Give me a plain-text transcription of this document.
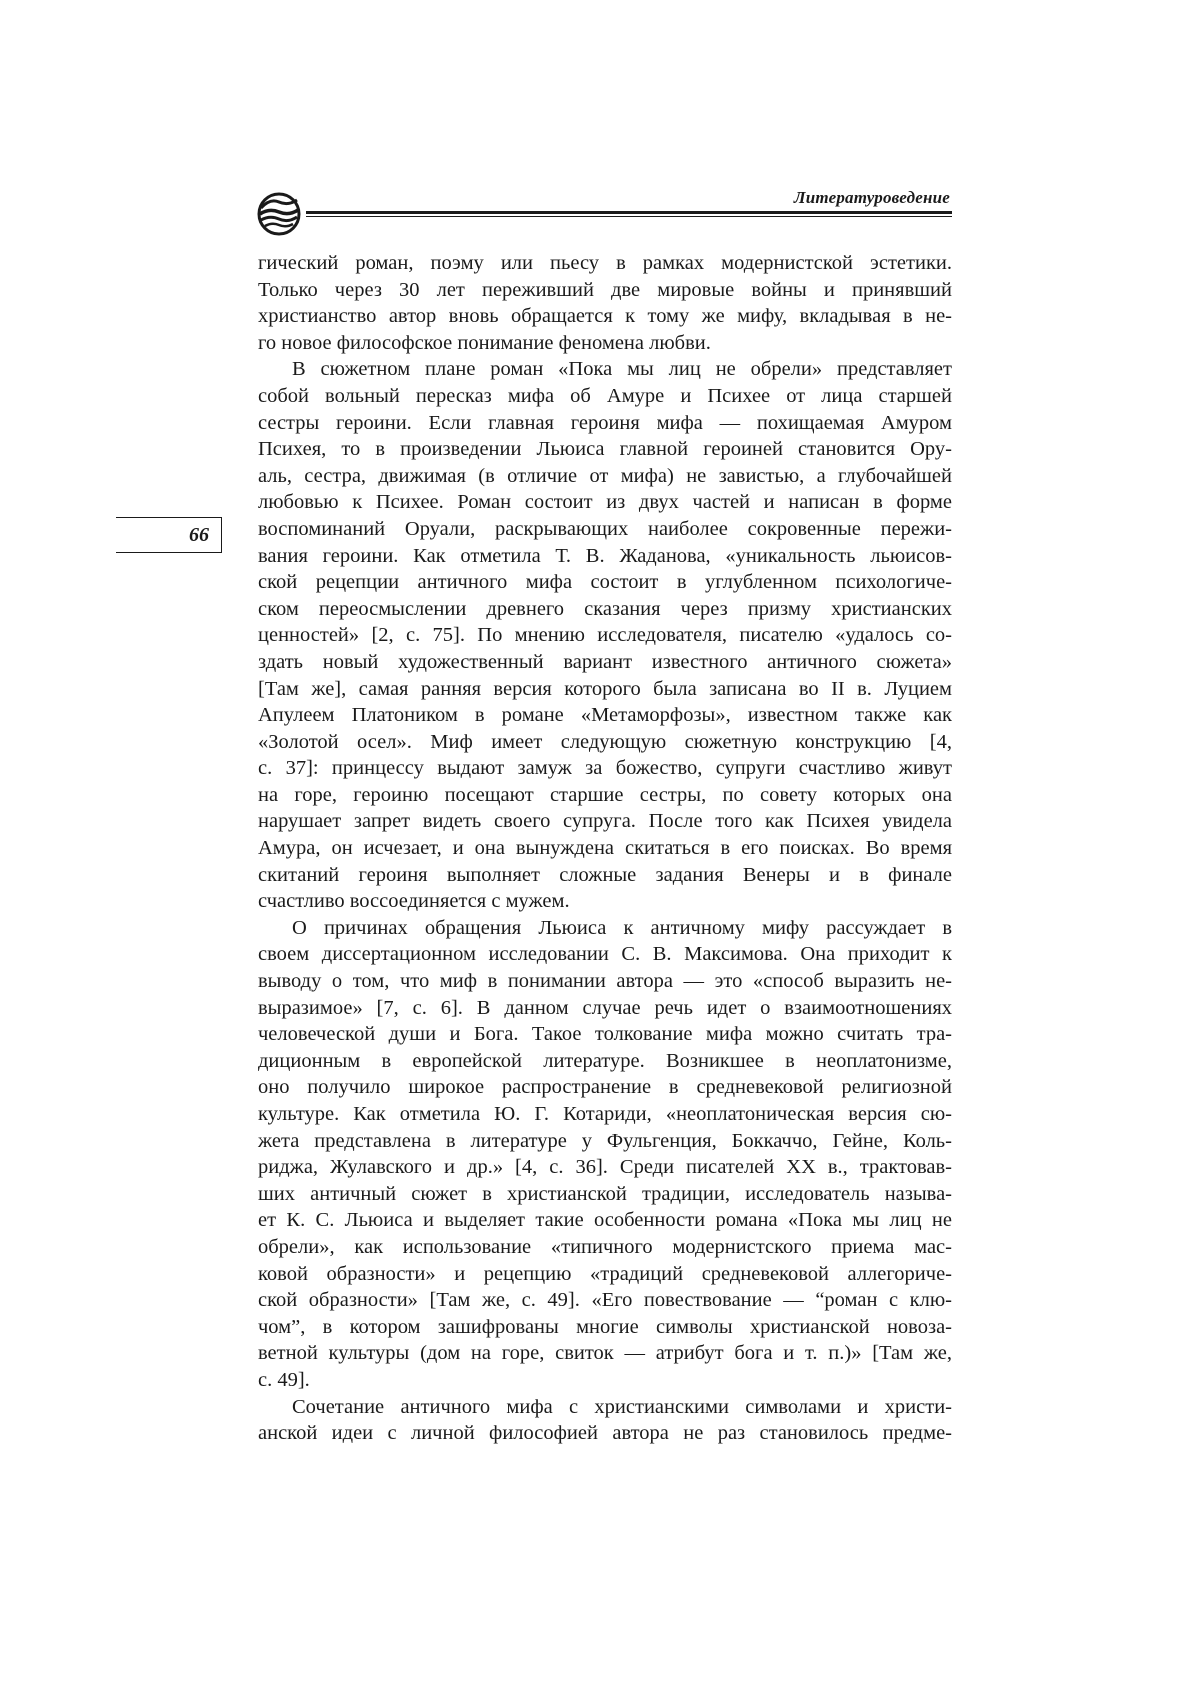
Литературоведение
66
гический роман, поэму или пьесу в рамках модернистской эстетики.
Только через 30 лет переживший две мировые войны и принявший
христианство автор вновь обращается к тому же мифу, вкладывая в не-
го новое философское понимание феномена любви.
В сюжетном плане роман «Пока мы лиц не обрели» представляет
собой вольный пересказ мифа об Амуре и Психее от лица старшей
сестры героини. Если главная героиня мифа — похищаемая Амуром
Психея, то в произведении Льюиса главной героиней становится Ору-
аль, сестра, движимая (в отличие от мифа) не завистью, а глубочайшей
любовью к Психее. Роман состоит из двух частей и написан в форме
воспоминаний Оруали, раскрывающих наиболее сокровенные пережи-
вания героини. Как отметила Т. В. Жаданова, «уникальность льюисов-
ской рецепции античного мифа состоит в углубленном психологиче-
ском переосмыслении древнего сказания через призму христианских
ценностей» [2, с. 75]. По мнению исследователя, писателю «удалось со-
здать новый художественный вариант известного античного сюжета»
[Там же], самая ранняя версия которого была записана во II в. Луцием
Апулеем Платоником в романе «Метаморфозы», известном также как
«Золотой осел». Миф имеет следующую сюжетную конструкцию [4,
с. 37]: принцессу выдают замуж за божество, супруги счастливо живут
на горе, героиню посещают старшие сестры, по совету которых она
нарушает запрет видеть своего супруга. После того как Психея увидела
Амура, он исчезает, и она вынуждена скитаться в его поисках. Во время
скитаний героиня выполняет сложные задания Венеры и в финале
счастливо воссоединяется с мужем.
О причинах обращения Льюиса к античному мифу рассуждает в
своем диссертационном исследовании С. В. Максимова. Она приходит к
выводу о том, что миф в понимании автора — это «способ выразить не-
выразимое» [7, с. 6]. В данном случае речь идет о взаимоотношениях
человеческой души и Бога. Такое толкование мифа можно считать тра-
диционным в европейской литературе. Возникшее в неоплатонизме,
оно получило широкое распространение в средневековой религиозной
культуре. Как отметила Ю. Г. Котариди, «неоплатоническая версия сю-
жета представлена в литературе у Фульгенция, Боккаччо, Гейне, Коль-
риджа, Жулавского и др.» [4, с. 36]. Среди писателей XX в., трактовав-
ших античный сюжет в христианской традиции, исследователь называ-
ет К. С. Льюиса и выделяет такие особенности романа «Пока мы лиц не
обрели», как использование «типичного модернистского приема мас-
ковой образности» и рецепцию «традиций средневековой аллегориче-
ской образности» [Там же, с. 49]. «Его повествование — “роман с клю-
чом”, в котором зашифрованы многие символы христианской новоза-
ветной культуры (дом на горе, свиток — атрибут бога и т. п.)» [Там же,
с. 49].
Сочетание античного мифа с христианскими символами и христи-
анской идеи с личной философией автора не раз становилось предме-
